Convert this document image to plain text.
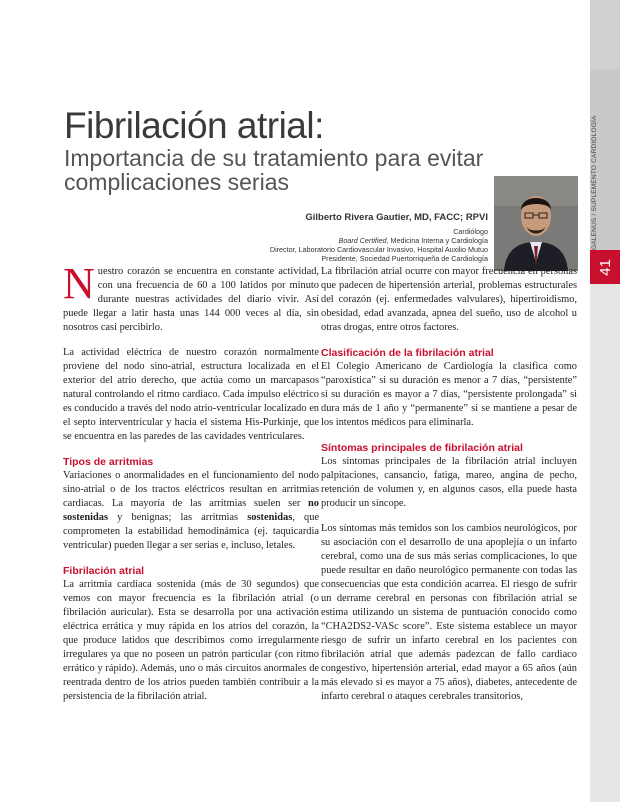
GALENUS / SUPLEMENTO CARDIOLOGÍA
41
Fibrilación atrial:
Importancia de su tratamiento para evitar complicaciones serias
Gilberto Rivera Gautier, MD, FACC; RPVI
Cardiólogo
Board Certified, Medicina Interna y Cardiología
Director, Laboratorio Cardiovascular Invasivo, Hospital Auxilio Mutuo
Presidente, Sociedad Puertorriqueña de Cardiología

Nuestro corazón se encuentra en constante actividad, con una frecuencia de 60 a 100 latidos por minuto durante nuestras actividades del diario vivir. Así puede llegar a latir hasta unas 144 000 veces al día, sin nosotros casi percibirlo.

La actividad eléctrica de nuestro corazón normalmente proviene del nodo sino-atrial, estructura localizada en el exterior del atrio derecho, que actúa como un marcapasos natural controlando el ritmo cardiaco. Cada impulso eléctrico es conducido a través del nodo atrio-ventricular localizado en el septo interventricular y hacia el sistema His-Purkinje, que se encuentra en las paredes de las cavidades ventriculares.

Tipos de arritmias

Variaciones o anormalidades en el funcionamiento del nodo sino-atrial o de los tractos eléctricos resultan en arritmias cardiacas. La mayoría de las arritmias suelen ser no sostenidas y benignas; las arritmias sostenidas, que comprometen la estabilidad hemodinámica (ej. taquicardia ventricular) pueden llegar a ser serias e, incluso, letales.

Fibrilación atrial

La arritmia cardiaca sostenida (más de 30 segundos) que vemos con mayor frecuencia es la fibrilación atrial (o fibrilación auricular). Esta se desarrolla por una activación eléctrica errática y muy rápida en los atrios del corazón, la que produce latidos que describimos como irregularmente irregulares ya que no poseen un patrón particular (con ritmo errático y rápido). Además, uno o más circuitos anormales de reentrada dentro de los atrios pueden también contribuir a la persistencia de la fibrilación atrial.

La fibrilación atrial ocurre con mayor frecuencia en personas que padecen de hipertensión arterial, problemas estructurales del corazón (ej. enfermedades valvulares), hipertiroidismo, obesidad, edad avanzada, apnea del sueño, uso de alcohol u otras drogas, entre otros factores.

Clasificación de la fibrilación atrial

El Colegio Americano de Cardiología la clasifica como “paroxística” si su duración es menor a 7 días, “persistente” si su duración es mayor a 7 días, “persistente prolongada” si dura más de 1 año y “permanente” si se mantiene a pesar de los intentos médicos para eliminarla.

Síntomas principales de fibrilación atrial

Los síntomas principales de la fibrilación atrial incluyen palpitaciones, cansancio, fatiga, mareo, angina de pecho, retención de volumen y, en algunos casos, ella puede hasta producir un síncope.

Los síntomas más temidos son los cambios neurológicos, por su asociación con el desarrollo de una apoplejía o un infarto cerebral, como una de sus más serias complicaciones, lo que puede resultar en daño neurológico permanente con todas las consecuencias que esta condición acarrea. El riesgo de sufrir un derrame cerebral en personas con fibrilación atrial se estima utilizando un sistema de puntuación conocido como “CHA2DS2-VASc score”. Este sistema establece un mayor riesgo de sufrir un infarto cerebral en los pacientes con fibrilación atrial que además padezcan de fallo cardiaco congestivo, hipertensión arterial, edad mayor a 65 años (aún más elevado si es mayor a 75 años), diabetes, antecedente de infarto cerebral o ataques cerebrales transitorios,
